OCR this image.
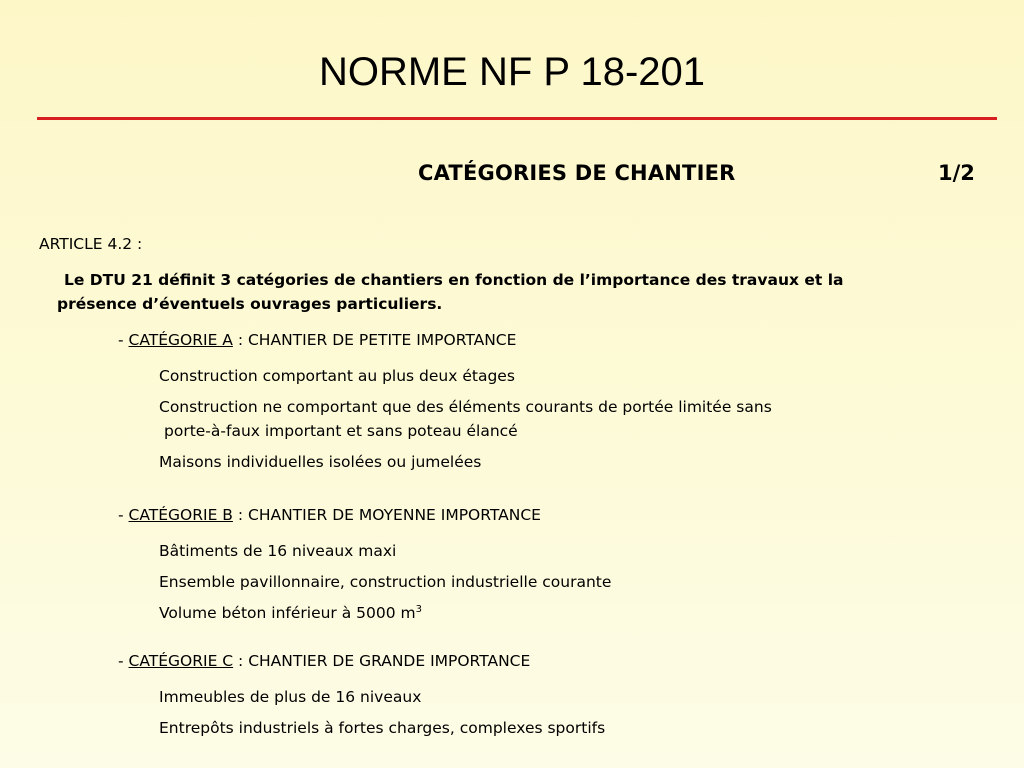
NORME NF P 18-201
CATÉGORIES DE CHANTIER	1/2
ARTICLE 4.2 :
Le DTU 21 définit 3 catégories de chantiers en fonction de l’importance des travaux et la
présence d’éventuels ouvrages particuliers.
- CATÉGORIE A : CHANTIER DE PETITE IMPORTANCE
Construction comportant au plus deux étages
Construction ne comportant que des éléments courants de portée limitée sans
porte-à-faux important et sans poteau élancé
Maisons individuelles isolées ou jumelées
- CATÉGORIE B : CHANTIER DE MOYENNE IMPORTANCE
Bâtiments de 16 niveaux maxi
Ensemble pavillonnaire, construction industrielle courante
Volume béton inférieur à 5000 $m^3$
- CATÉGORIE C : CHANTIER DE GRANDE IMPORTANCE
Immeubles de plus de 16 niveaux
Entrepôts industriels à fortes charges, complexes sportifs
